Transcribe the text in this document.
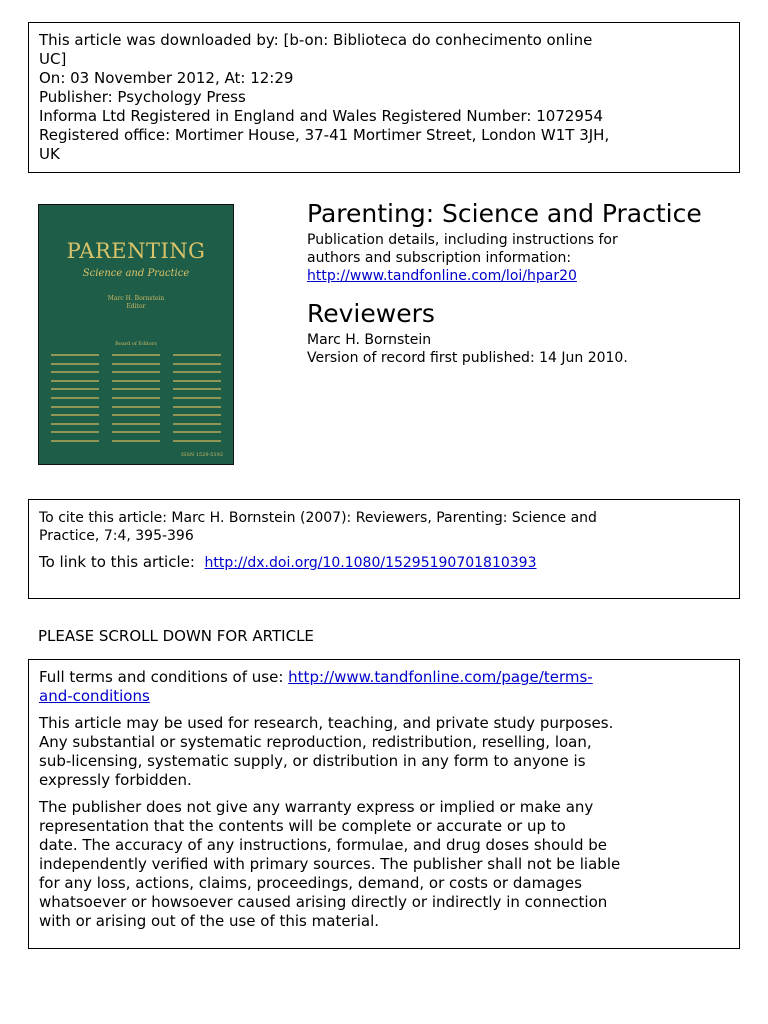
This article was downloaded by: [b-on: Biblioteca do conhecimento online
UC]
On: 03 November 2012, At: 12:29
Publisher: Psychology Press
Informa Ltd Registered in England and Wales Registered Number: 1072954
Registered office: Mortimer House, 37-41 Mortimer Street, London W1T 3JH,
UK
PARENTING
Science and Practice
Marc H. Bornstein
Editor
Board of Editors
ISSN 1529-5192
Parenting: Science and Practice
Publication details, including instructions for
authors and subscription information:
http://www.tandfonline.com/loi/hpar20
Reviewers
Marc H. Bornstein
Version of record first published: 14 Jun 2010.
To cite this article: Marc H. Bornstein (2007): Reviewers, Parenting: Science and
Practice, 7:4, 395-396
To link to this article: http://dx.doi.org/10.1080/15295190701810393
PLEASE SCROLL DOWN FOR ARTICLE
Full terms and conditions of use: http://www.tandfonline.com/page/terms-
and-conditions
This article may be used for research, teaching, and private study purposes.
Any substantial or systematic reproduction, redistribution, reselling, loan,
sub-licensing, systematic supply, or distribution in any form to anyone is
expressly forbidden.
The publisher does not give any warranty express or implied or make any
representation that the contents will be complete or accurate or up to
date. The accuracy of any instructions, formulae, and drug doses should be
independently verified with primary sources. The publisher shall not be liable
for any loss, actions, claims, proceedings, demand, or costs or damages
whatsoever or howsoever caused arising directly or indirectly in connection
with or arising out of the use of this material.
